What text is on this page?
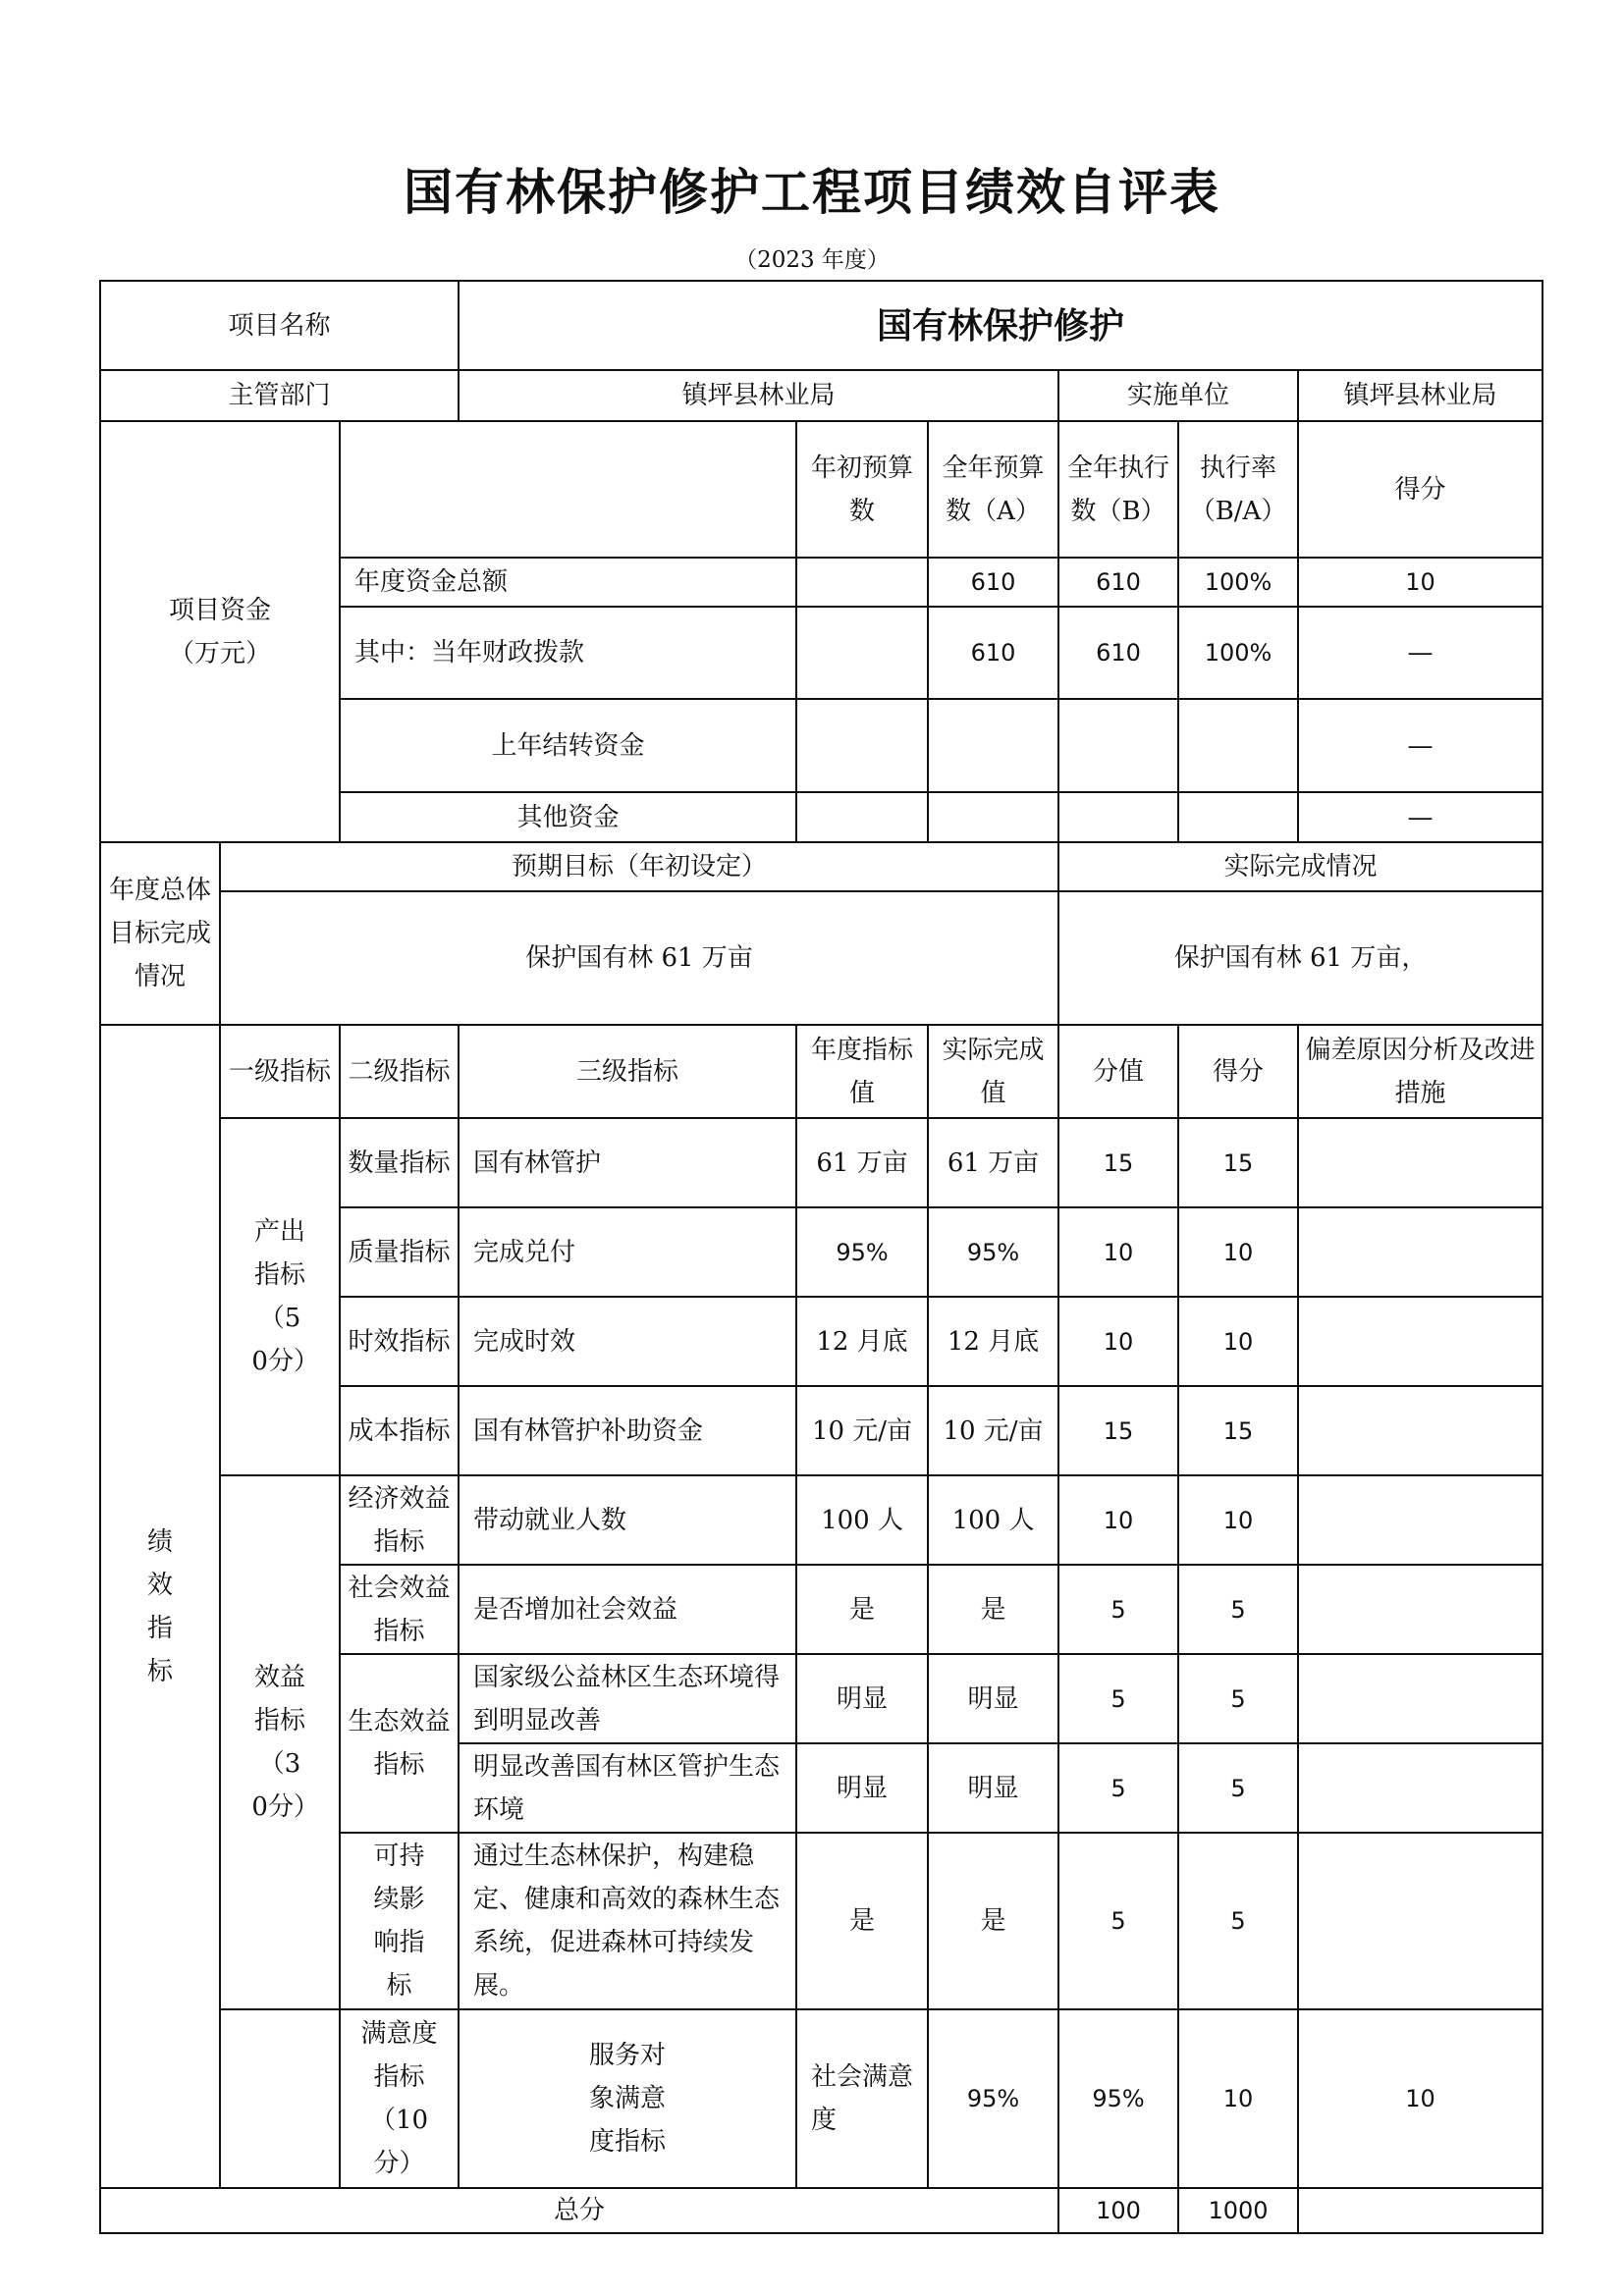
国有林保护修护工程项目绩效自评表
（2023 年度）
项目名称			国有林保护修护						
主管部门			镇坪县林业局			实施单位		镇坪县林业局	

项目资金
（万元）				年初预算数	全年预算数（A）	全年执行数（B）	执行率（B/A）	得分	
		年度资金总额			610	610	100%	10	
		其中：当年财政拨款			610	610	100%	—	
		上年结转资金						—	
		其他资金						—	
年度总体目标完成情况	预期目标（年初设定）					实际完成情况			
	保护国有林 61 万亩					保护国有林 61 万亩，			

绩效指标	一级指标	二级指标	三级指标	年度指标值	实际完成值	分值	得分	偏差原因分析及改进措施	

	产出指标（50分）	数量指标	国有林管护	61 万亩	61 万亩	15	15		
		质量指标	完成兑付	95%	95%	10	10		
		时效指标	完成时效	12 月底	12 月底	10	10		
		成本指标	国有林管护补助资金	10 元/亩	10 元/亩	15	15		

	效益指标（30分）	经济效益指标	带动就业人数	100 人	100 人	10	10		
		社会效益指标	是否增加社会效益	是	是	5	5		
		生态效益指标	国家级公益林区生态环境得到明显改善	明显	明显	5	5		
			明显改善国有林区管护生态环境	明显	明显	5	5		

		可持续影响指标	通过生态林保护，构建稳定、健康和高效的森林生态系统，促进森林可持续发展。	是	是	5	5		

		满意度指标（10分）	服务对象满意度指标	社会满意度	95%	95%	10	10	
总分						100	1000		
